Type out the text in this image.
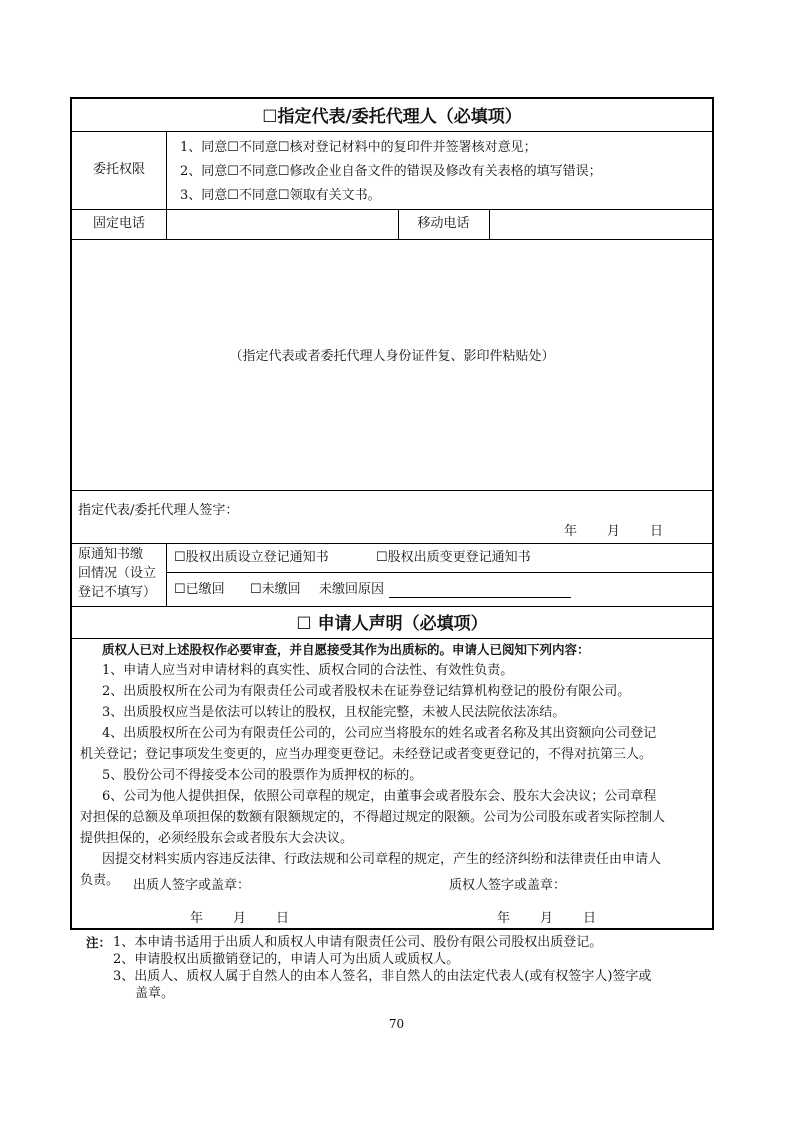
☐指定代表/委托代理人（必填项）
委托权限
1、同意☐不同意☐核对登记材料中的复印件并签署核对意见；
2、同意☐不同意☐修改企业自备文件的错误及修改有关表格的填写错误；
3、同意☐不同意☐领取有关文书。
固定电话	移动电话
（指定代表或者委托代理人身份证件复、影印件粘贴处）
指定代表/委托代理人签字：
年 月 日
原通知书缴
回情况（设立
登记不填写）
☐股权出质设立登记通知书	☐股权出质变更登记通知书
☐已缴回 ☐未缴回 未缴回原因
☐ 申请人声明（必填项）
质权人已对上述股权作必要审查，并自愿接受其作为出质标的。申请人已阅知下列内容：
1、申请人应当对申请材料的真实性、质权合同的合法性、有效性负责。
2、出质股权所在公司为有限责任公司或者股权未在证券登记结算机构登记的股份有限公司。
3、出质股权应当是依法可以转让的股权，且权能完整，未被人民法院依法冻结。
4、出质股权所在公司为有限责任公司的，公司应当将股东的姓名或者名称及其出资额向公司登记
机关登记；登记事项发生变更的，应当办理变更登记。未经登记或者变更登记的，不得对抗第三人。
5、股份公司不得接受本公司的股票作为质押权的标的。
6、公司为他人提供担保，依照公司章程的规定，由董事会或者股东会、股东大会决议；公司章程
对担保的总额及单项担保的数额有限额规定的，不得超过规定的限额。公司为公司股东或者实际控制人
提供担保的，必须经股东会或者股东大会决议。
因提交材料实质内容违反法律、行政法规和公司章程的规定，产生的经济纠纷和法律责任由申请人
负责。 出质人签字或盖章：	质权人签字或盖章：
年 月 日	年 月 日
注： 1、本申请书适用于出质人和质权人申请有限责任公司、股份有限公司股权出质登记。
2、申请股权出质撤销登记的，申请人可为出质人或质权人。
3、出质人、质权人属于自然人的由本人签名，非自然人的由法定代表人(或有权签字人)签字或
盖章。
70
